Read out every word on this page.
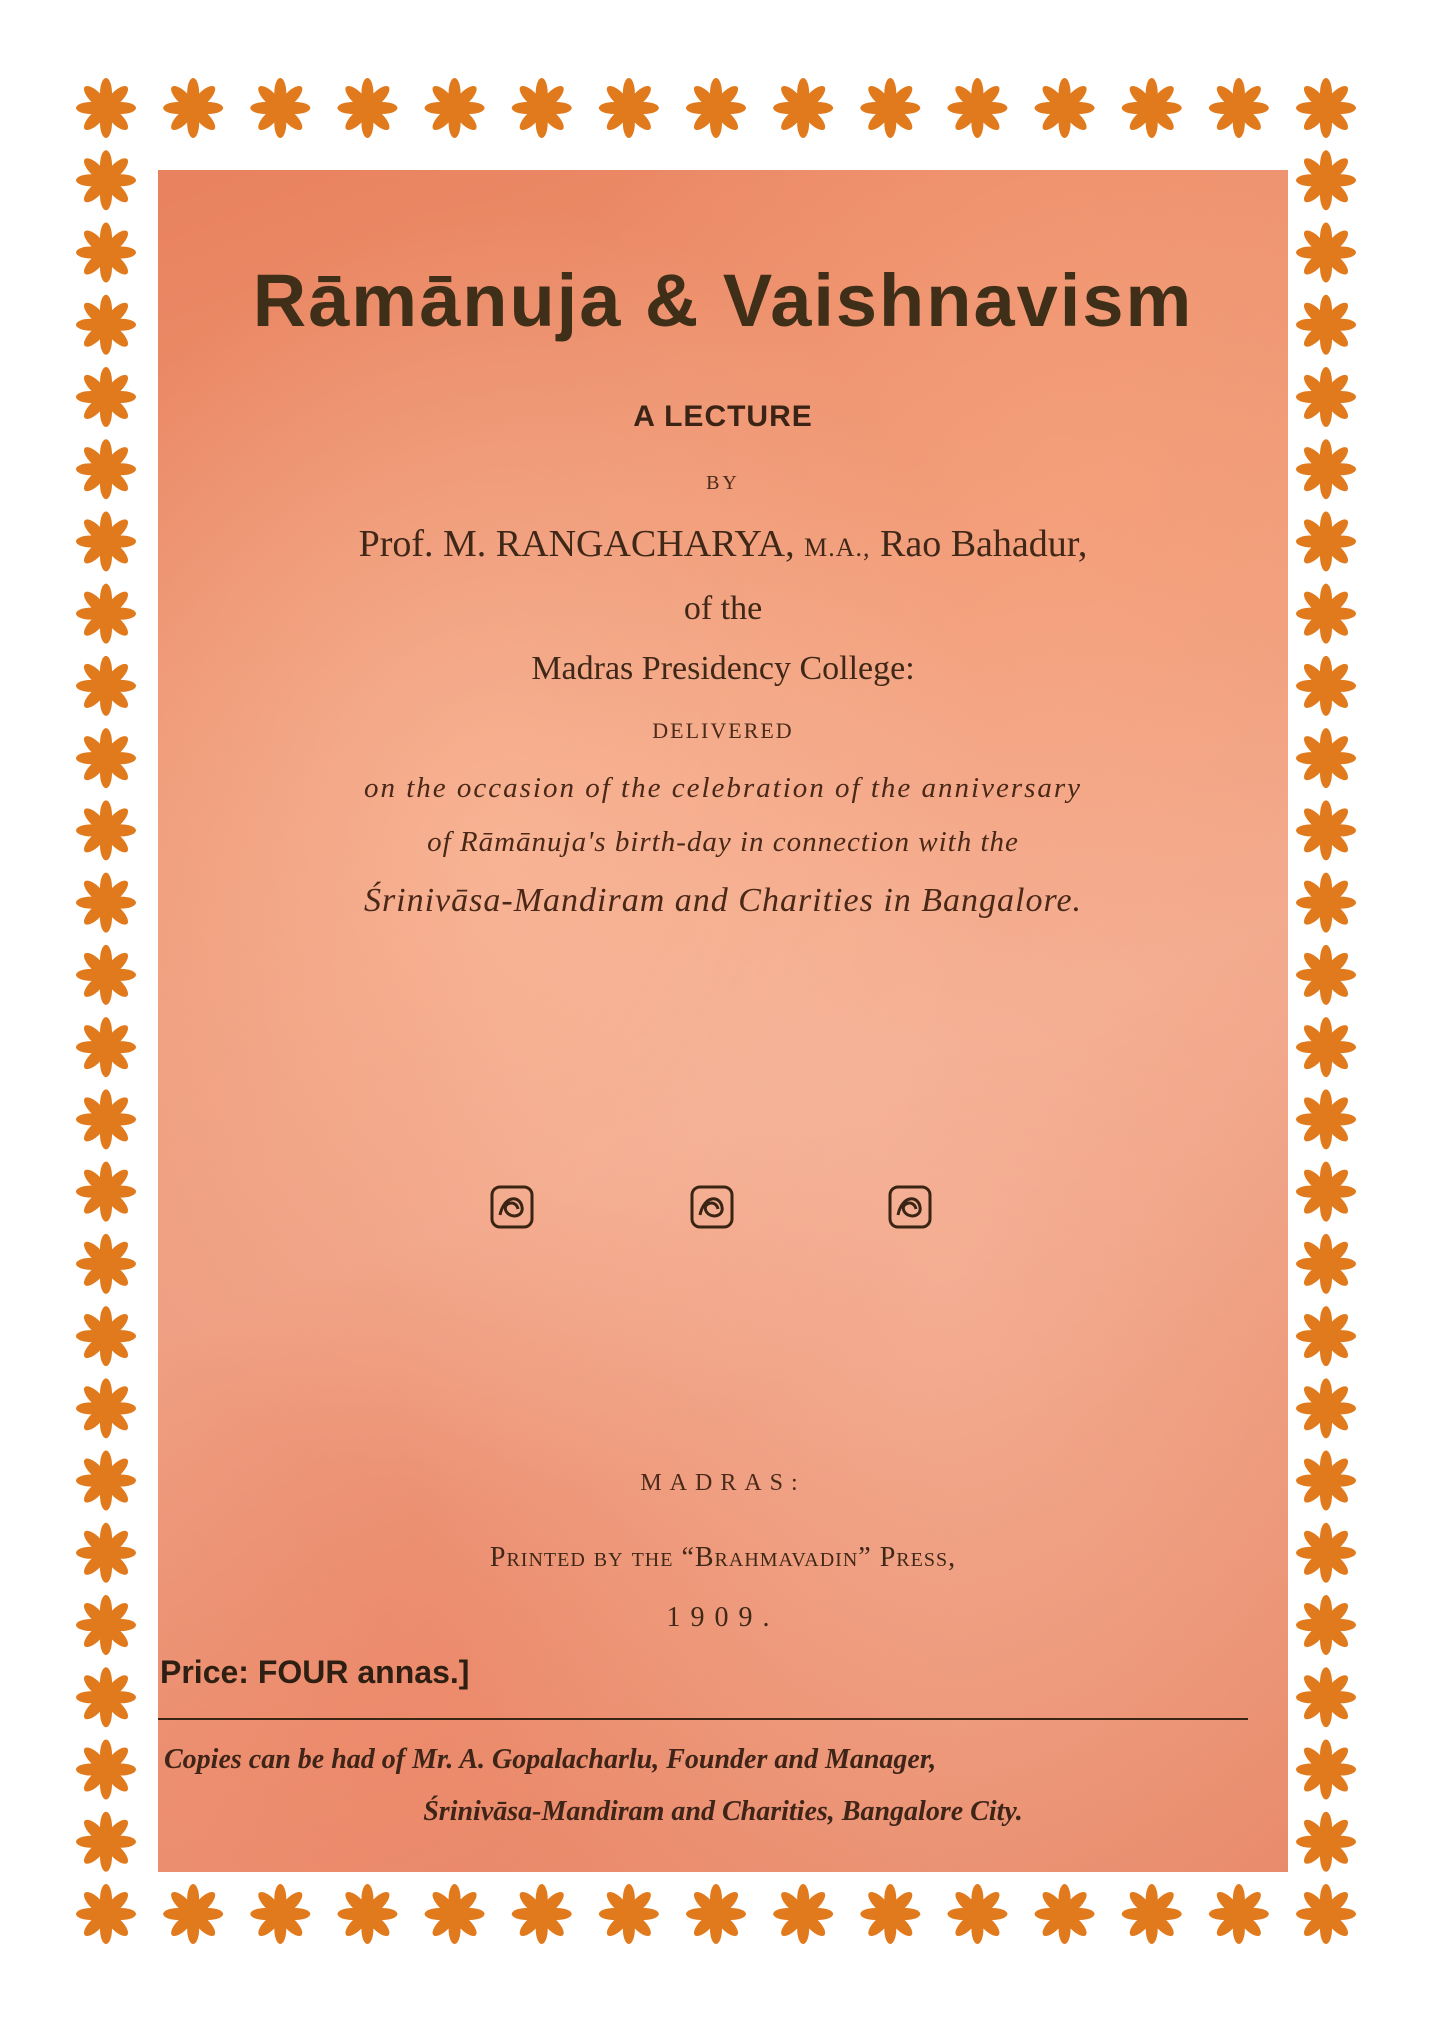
Rāmānuja & Vaishnavism
A LECTURE
BY
Prof. M. RANGACHARYA, M.A., Rao Bahadur,
of the
Madras Presidency College:
DELIVERED
on the occasion of the celebration of the anniversary
of Rāmānuja's birth-day in connection with the
Śrinivāsa-Mandiram and Charities in Bangalore.
MADRAS:
Printed by the “Brahmavadin” Press,
1909.
Price: FOUR annas.]
Copies can be had of Mr. A. Gopalacharlu, Founder and Manager,
Śrinivāsa-Mandiram and Charities, Bangalore City.
